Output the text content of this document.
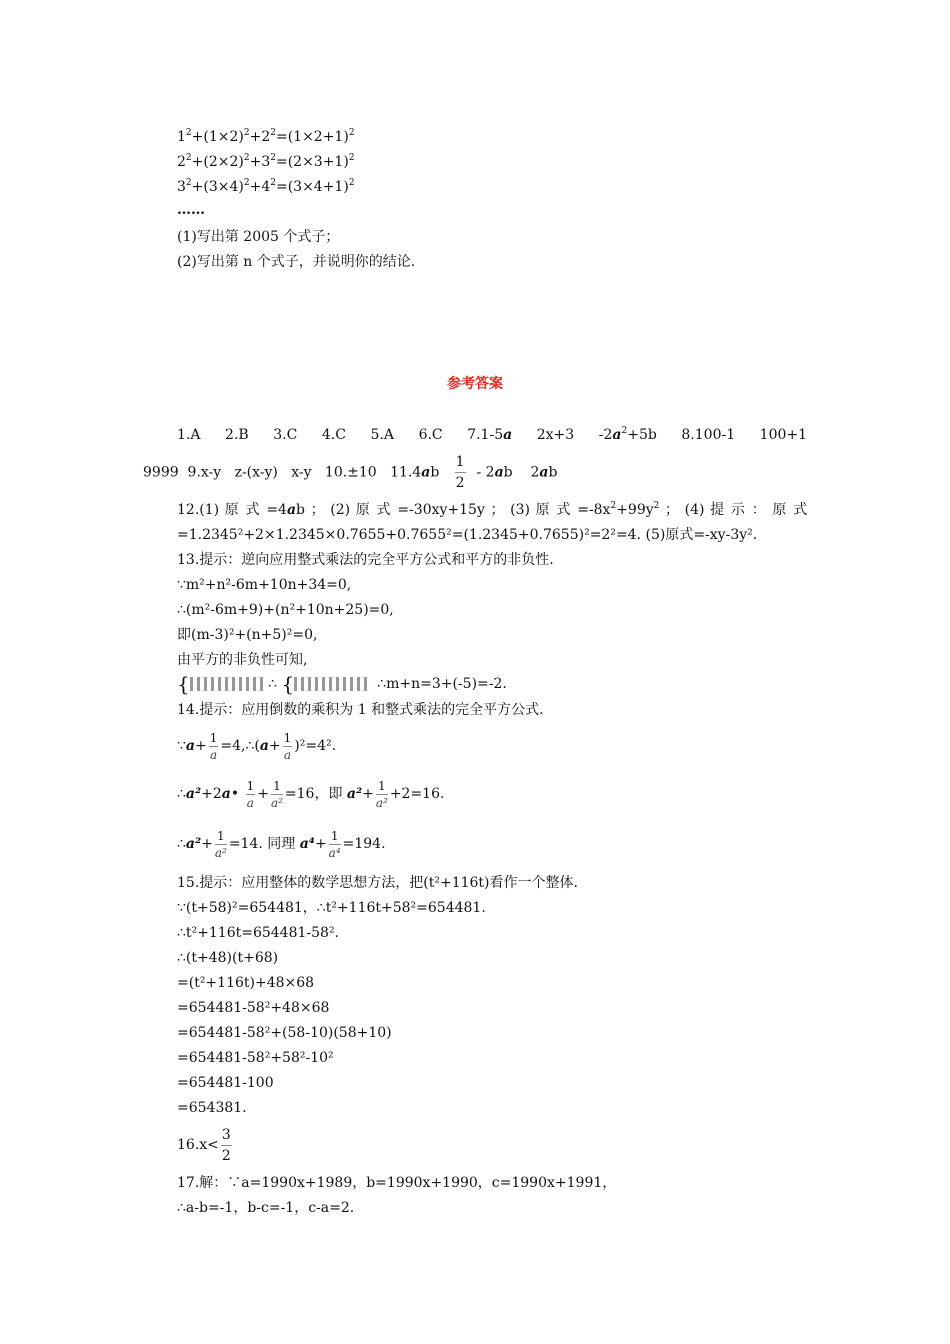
$1^2+(1\times 2)^2+2^2=(1\times 2+1)^2$
$2^2+(2\times 2)^2+3^2=(2\times 3+1)^2$
$3^2+(3\times 4)^2+4^2=(3\times 4+1)^2$
……
(1)写出第 2005 个式子；
(2)写出第 n 个式子，并说明你的结论.
参考答案
1.A 2.B 3.C 4.C 5.A 6.C 7.1-5a 2x+3 $-2a^2+5b$ 8.100-1 100+1
9999 9.x-y z-(x-y) x-y 10.±10 $11.4ab \frac{1}{2} - 2ab$ 2ab
12.(1) 原 式 =4ab ； (2) 原 式 =-30xy+15y ； (3) 原 式 $=-8x^2+99y^2$ ； (4) 提 示 ： 原 式
=1.2345²+2×1.2345×0.7655+0.7655²=(1.2345+0.7655)²=2²=4. (5)原式=-xy-3y².
13.提示：逆向应用整式乘法的完全平方公式和平方的非负性.
∵m²+n²-6m+10n+34=0,
∴(m²-6m+9)+(n²+10n+25)=0,
即(m-3)²+(n+5)²=0,
由平方的非负性可知,
{	∴ {	∴m+n=3+(-5)=-2.
14.提示：应用倒数的乘积为 1 和整式乘法的完全平方公式.
∵a+ $\frac{1}{a}$ =4,∴(a+ $\frac{1}{a} )^2=4^2$.
∴a²+2a• $\frac{1}{a} + \frac{1}{\text{a²}} =16$，即 $a^2+ \frac{1}{\text{a²}} +2=16$.
∴a²+ $\frac{1}{\text{a²}} =14$. 同理 $a^4+ \frac{1}{\text{a⁴}} =194$.
15.提示：应用整体的数学思想方法，把(t²+116t)看作一个整体.
∵(t+58)²=654481，∴t²+116t+58²=654481.
∴t²+116t=654481-58².
∴(t+48)(t+68)
=(t²+116t)+48×68
=654481-58²+48×68
=654481-58²+(58-10)(58+10)
=654481-58²+58²-10²
=654481-100
=654381.
$16.x< \frac{3}{2}$
17.解：∵a=1990x+1989，b=1990x+1990，c=1990x+1991，
∴a-b=-1，b-c=-1，c-a=2.
